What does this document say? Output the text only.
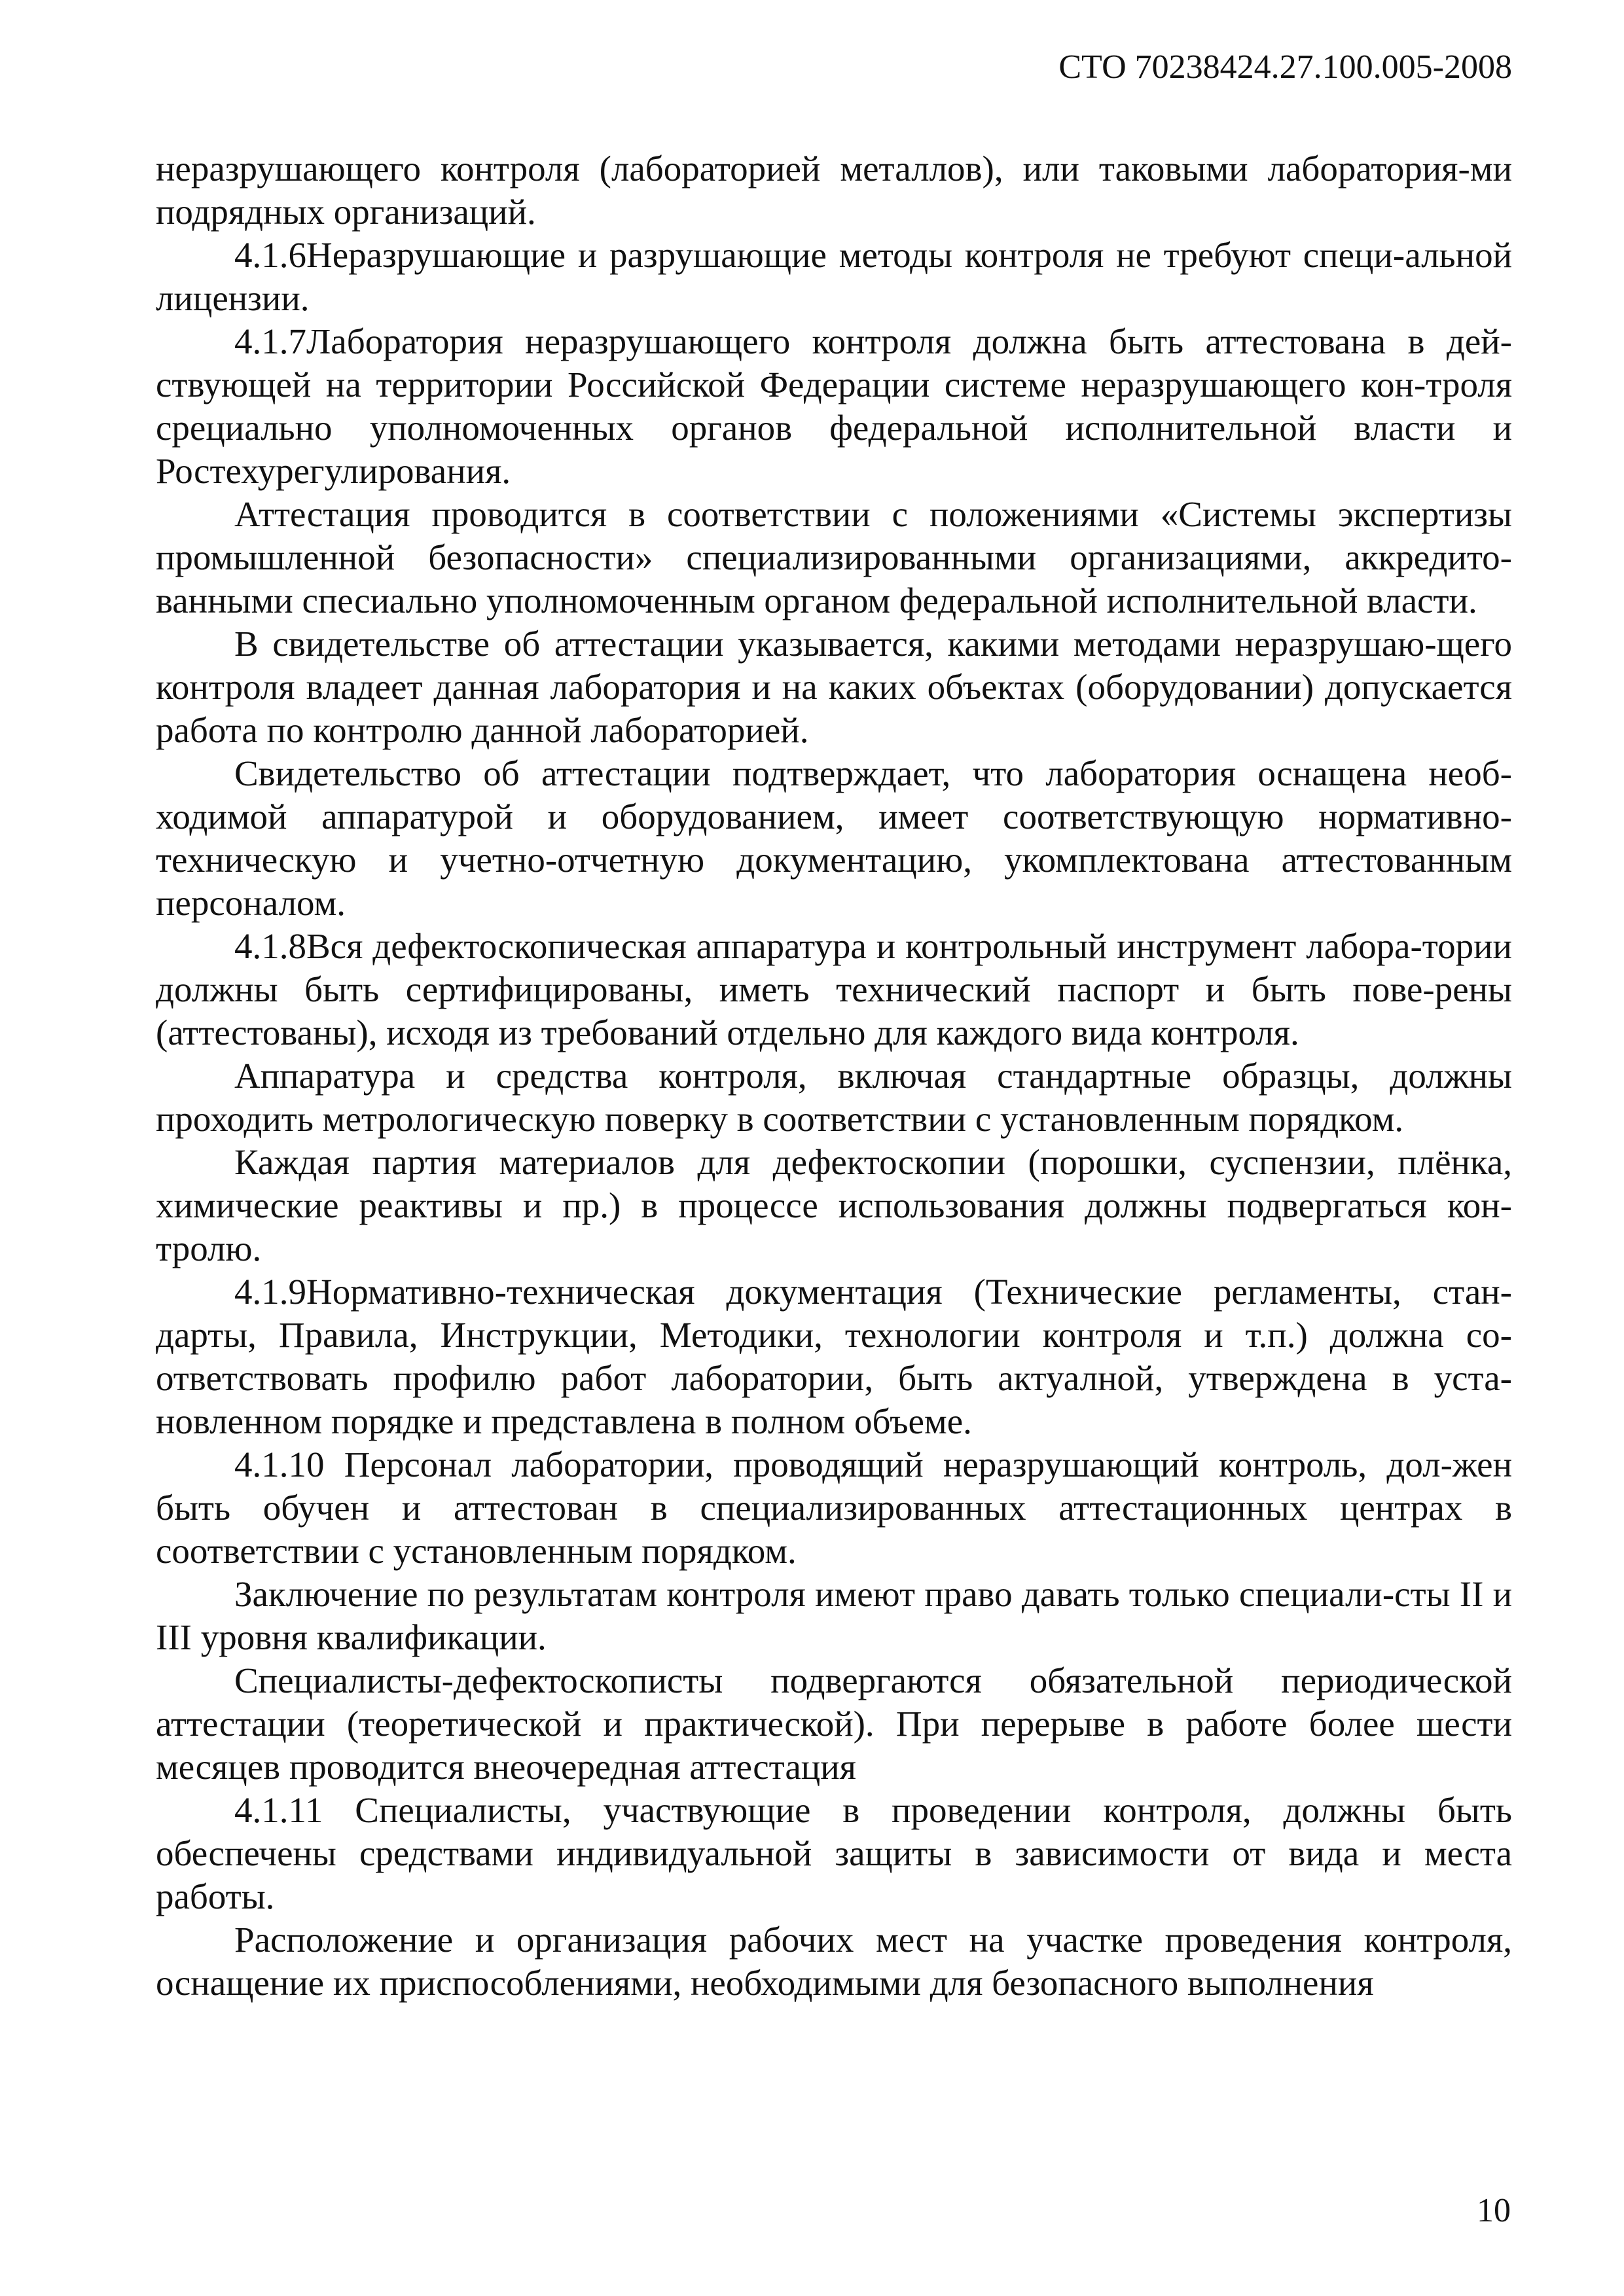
СТО 70238424.27.100.005-2008

неразрушающего контроля (лабораторией металлов), или таковыми лаборатория-ми подрядных организаций.

4.1.6Неразрушающие и разрушающие методы контроля не требуют специ-альной лицензии.

4.1.7Лаборатория неразрушающего контроля должна быть аттестована в дей-ствующей на территории Российской Федерации системе неразрушающего кон-троля срециально уполномоченных органов федеральной исполнительной власти и Ростехурегулирования.

Аттестация проводится в соответствии с положениями «Системы экспертизы промышленной безопасности» специализированными организациями, аккредито-ванными спесиально уполномоченным органом федеральной исполнительной власти.

В свидетельстве об аттестации указывается, какими методами неразрушаю-щего контроля владеет данная лаборатория и на каких объектах (оборудовании) допускается работа по контролю данной лабораторией.

Свидетельство об аттестации подтверждает, что лаборатория оснащена необ-ходимой аппаратурой и оборудованием, имеет соответствующую нормативно-техническую и учетно-отчетную документацию, укомплектована аттестованным персоналом.

4.1.8Вся дефектоскопическая аппаратура и контрольный инструмент лабора-тории должны быть сертифицированы, иметь технический паспорт и быть пове-рены (аттестованы), исходя из требований отдельно для каждого вида контроля.

Аппаратура и средства контроля, включая стандартные образцы, должны проходить метрологическую поверку в соответствии с установленным порядком.

Каждая партия материалов для дефектоскопии (порошки, суспензии, плёнка, химические реактивы и пр.) в процессе использования должны подвергаться кон-тролю.

4.1.9Нормативно-техническая документация (Технические регламенты, стан-дарты, Правила, Инструкции, Методики, технологии контроля и т.п.) должна со-ответствовать профилю работ лаборатории, быть актуалной, утверждена в уста-новленном порядке и представлена в полном объеме.

4.1.10 Персонал лаборатории, проводящий неразрушающий контроль, дол-жен быть обучен и аттестован в специализированных аттестационных центрах в соответствии с установленным порядком.

Заключение по результатам контроля имеют право давать только специали-сты II и III уровня квалификации.

Специалисты-дефектоскописты подвергаются обязательной периодической аттестации (теоретической и практической). При перерыве в работе более шести месяцев проводится внеочередная аттестация

4.1.11 Специалисты, участвующие в проведении контроля, должны быть обеспечены средствами индивидуальной защиты в зависимости от вида и места работы.

Расположение и организация рабочих мест на участке проведения контроля, оснащение их приспособлениями, необходимыми для безопасного выполнения

10
